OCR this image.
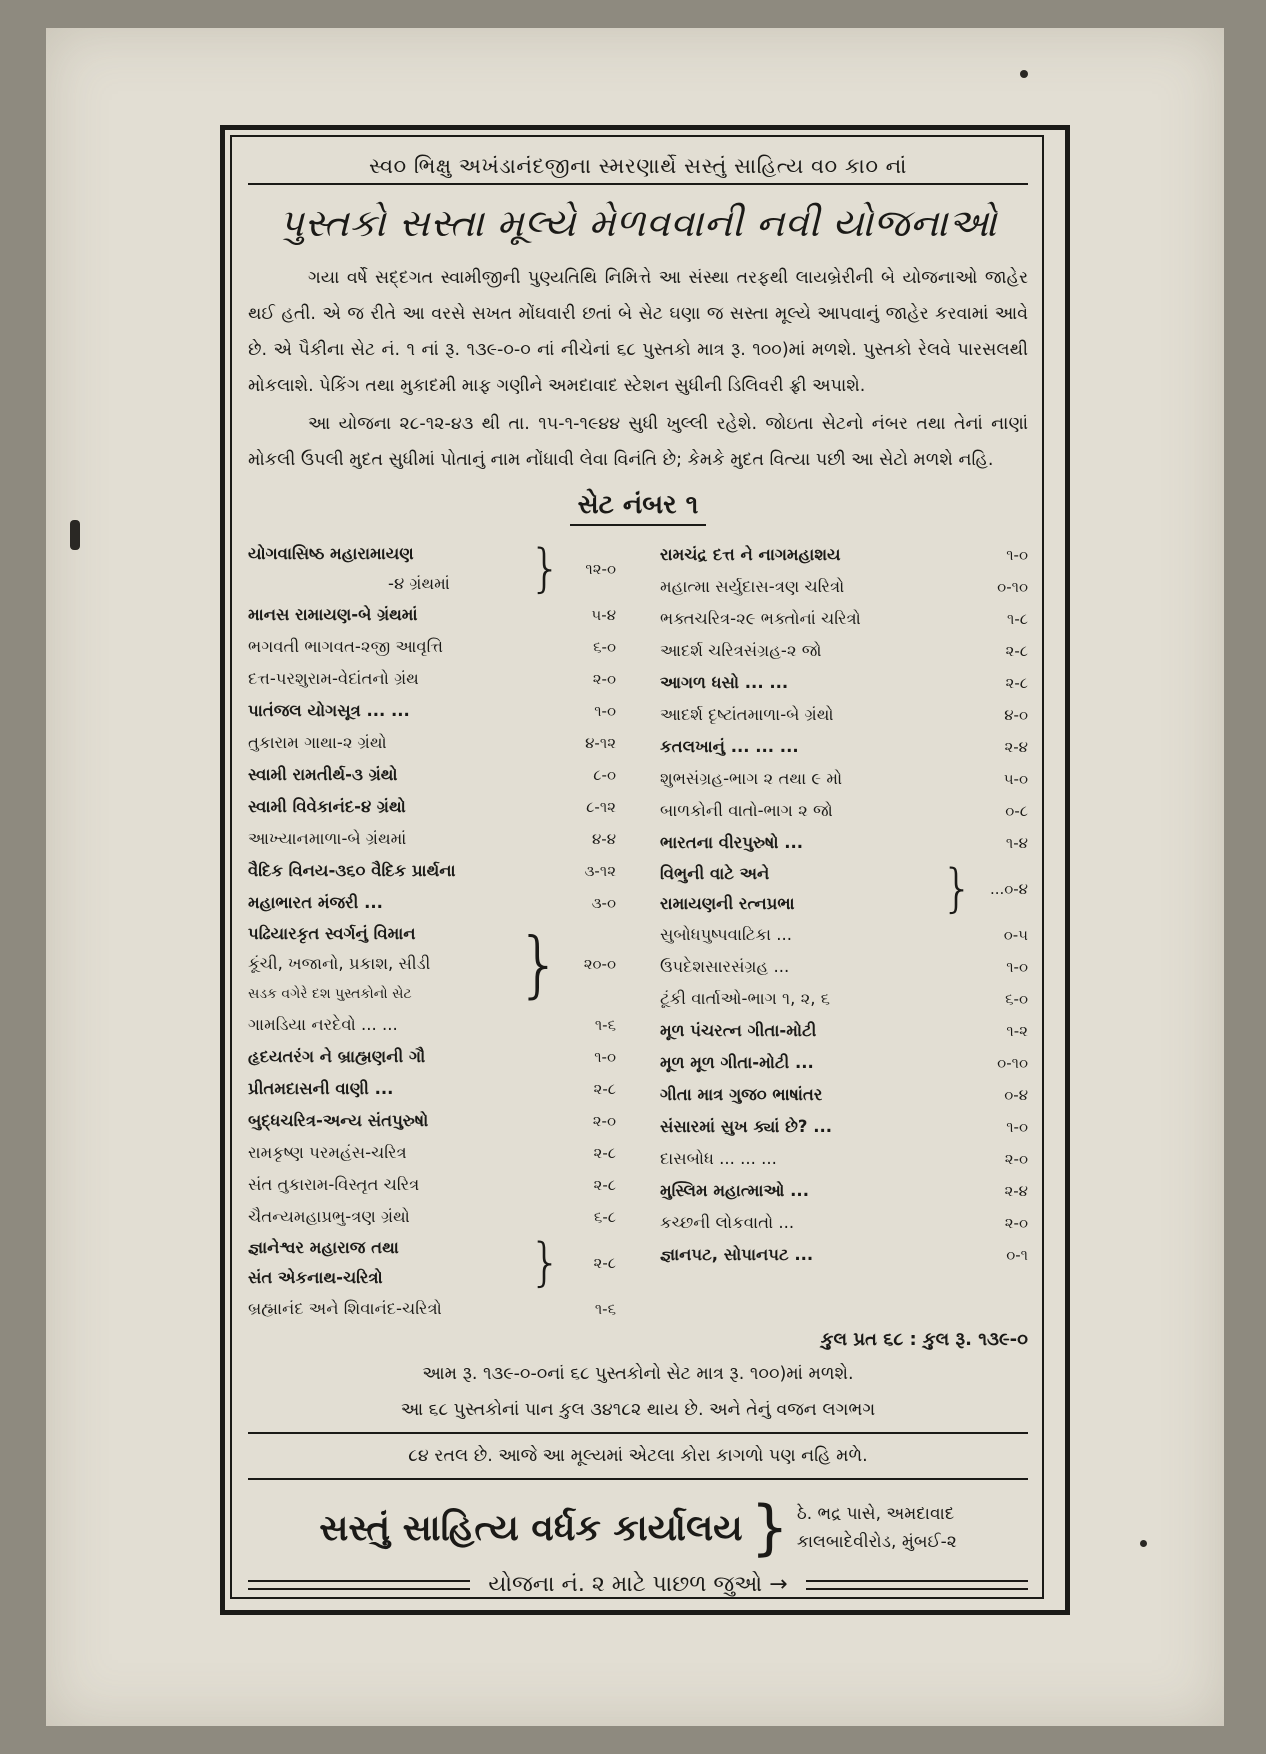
સ્વ૦ ભિક્ષુ અખંડાનંદજીના સ્મરણાર્થે સસ્તું સાહિત્ય વ૦ કા૦ નાં
પુસ્તકો સસ્તા મૂલ્યે મેળવવાની નવી યોજનાઓ

ગયા વર્ષે સદ્દગત સ્વામીજીની પુણ્યતિથિ નિમિત્તે આ સંસ્થા તરફથી લાયબ્રેરીની બે યોજનાઓ જાહેર થઈ હતી. એ જ રીતે આ વરસે સખત મોંઘવારી છતાં બે સેટ ઘણા જ સસ્તા મૂલ્યે આપવાનું જાહેર કરવામાં આવે છે. એ પૈકીના સેટ નં. ૧ નાં રૂ. ૧૩૯-૦-૦ નાં નીચેનાં ૬૮ પુસ્તકો માત્ર રૂ. ૧૦૦)માં મળશે. પુસ્તકો રેલવે પારસલથી મોકલાશે. પેકિંગ તથા મુકાદમી માફ ગણીને અમદાવાદ સ્ટેશન સુધીની ડિલિવરી ફ્રી અપાશે.

આ યોજના ૨૮-૧૨-૪૩ થી તા. ૧૫-૧-૧૯૪૪ સુધી ખુલ્લી રહેશે. જોઇતા સેટનો નંબર તથા તેનાં નાણાં મોકલી ઉપલી મુદત સુધીમાં પોતાનું નામ નોંધાવી લેવા વિનંતિ છે; કેમકે મુદત વિત્યા પછી આ સેટો મળશે નહિ.

સેટ નંબર ૧
યોગવાસિષ્ઠ મહારામાયણ
-૪ ગ્રંથમાં	}	૧૨-૦
માનસ રામાયણ-બે ગ્રંથમાં	૫-૪
ભગવતી ભાગવત-૨જી આવૃત્તિ	૬-૦
દત્ત-પરશુરામ-વેદાંતનો ગ્રંથ	૨-૦
પાતંજલ યોગસૂત્ર ... ...	૧-૦
તુકારામ ગાથા-૨ ગ્રંથો	૪-૧૨
સ્વામી રામતીર્થ-૩ ગ્રંથો	૮-૦
સ્વામી વિવેકાનંદ-૪ ગ્રંથો	૮-૧૨
આખ્યાનમાળા-બે ગ્રંથમાં	૪-૪
વૈદિક વિનય-૩૬૦ વૈદિક પ્રાર્થના	૩-૧૨
મહાભારત મંજરી ...	૩-૦
પઢિયારકૃત સ્વર્ગનું વિમાન
કૂંચી, ખજાનો, પ્રકાશ, સીડી
સડક વગેરે દશ પુસ્તકોનો સેટ	}	૨૦-૦
ગામડિયા નરદેવો ... ...	૧-૬
હૃદયતરંગ ને બ્રાહ્મણની ગૌ	૧-૦
પ્રીતમદાસની વાણી ...	૨-૮
બુદ્ધચરિત્ર-અન્ય સંતપુરુષો	૨-૦
રામકૃષ્ણ પરમહંસ-ચરિત્ર	૨-૮
સંત તુકારામ-વિસ્તૃત ચરિત્ર	૨-૮
ચૈતન્યમહાપ્રભુ-ત્રણ ગ્રંથો	૬-૮
જ્ઞાનેશ્વર મહારાજ તથા
સંત એકનાથ-ચરિત્રો	}	૨-૮
બ્રહ્માનંદ અને શિવાનંદ-ચરિત્રો	૧-૬
રામચંદ્ર દત્ત ને નાગમહાશય	૧-૦
મહાત્મા સર્યુદાસ-ત્રણ ચરિત્રો	૦-૧૦
ભક્તચરિત્ર-૨૯ ભક્તોનાં ચરિત્રો	૧-૮
આદર્શ ચરિત્રસંગ્રહ-૨ જો	૨-૮
આગળ ધસો ... ...	૨-૮
આદર્શ દૃષ્ટાંતમાળા-બે ગ્રંથો	૪-૦
કતલખાનું ... ... ...	૨-૪
શુભસંગ્રહ-ભાગ ૨ તથા ૯ મો	૫-૦
બાળકોની વાતો-ભાગ ૨ જો	૦-૮
ભારતના વીરપુરુષો ...	૧-૪
વિભુની વાટે અને
રામાયણની રત્નપ્રભા	}	...૦-૪
સુબોધપુષ્પવાટિકા ...	૦-૫
ઉપદેશસારસંગ્રહ ...	૧-૦
ટૂંકી વાર્તાઓ-ભાગ ૧, ૨, ૬	૬-૦
મૂળ પંચરત્ન ગીતા-મોટી	૧-૨
મૂળ મૂળ ગીતા-મોટી ...	૦-૧૦
ગીતા માત્ર ગુજ૦ ભાષાંતર	૦-૪
સંસારમાં સુખ ક્યાં છે? ...	૧-૦
દાસબોધ ... ... ...	૨-૦
મુસ્લિમ મહાત્માઓ ...	૨-૪
કચ્છની લોકવાતો ...	૨-૦
જ્ઞાનપટ, સોપાનપટ ...	૦-૧
કુલ પ્રત ૬૮ : કુલ રૂ. ૧૩૯-૦
આમ રૂ. ૧૩૯-૦-૦નાં ૬૮ પુસ્તકોનો સેટ માત્ર રૂ. ૧૦૦)માં મળશે.
આ ૬૮ પુસ્તકોનાં પાન કુલ ૩૪૧૮૨ થાય છે. અને તેનું વજન લગભગ
૮૪ રતલ છે. આજે આ મૂલ્યમાં એટલા કોરા કાગળો પણ નહિ મળે.
સસ્તું સાહિત્ય વર્ધક કાર્યાલય } ઠે. ભદ્ર પાસે, અમદાવાદ
કાલબાદેવીરોડ, મુંબઈ-૨
યોજના નં. ૨ માટે પાછળ જુઓ →
